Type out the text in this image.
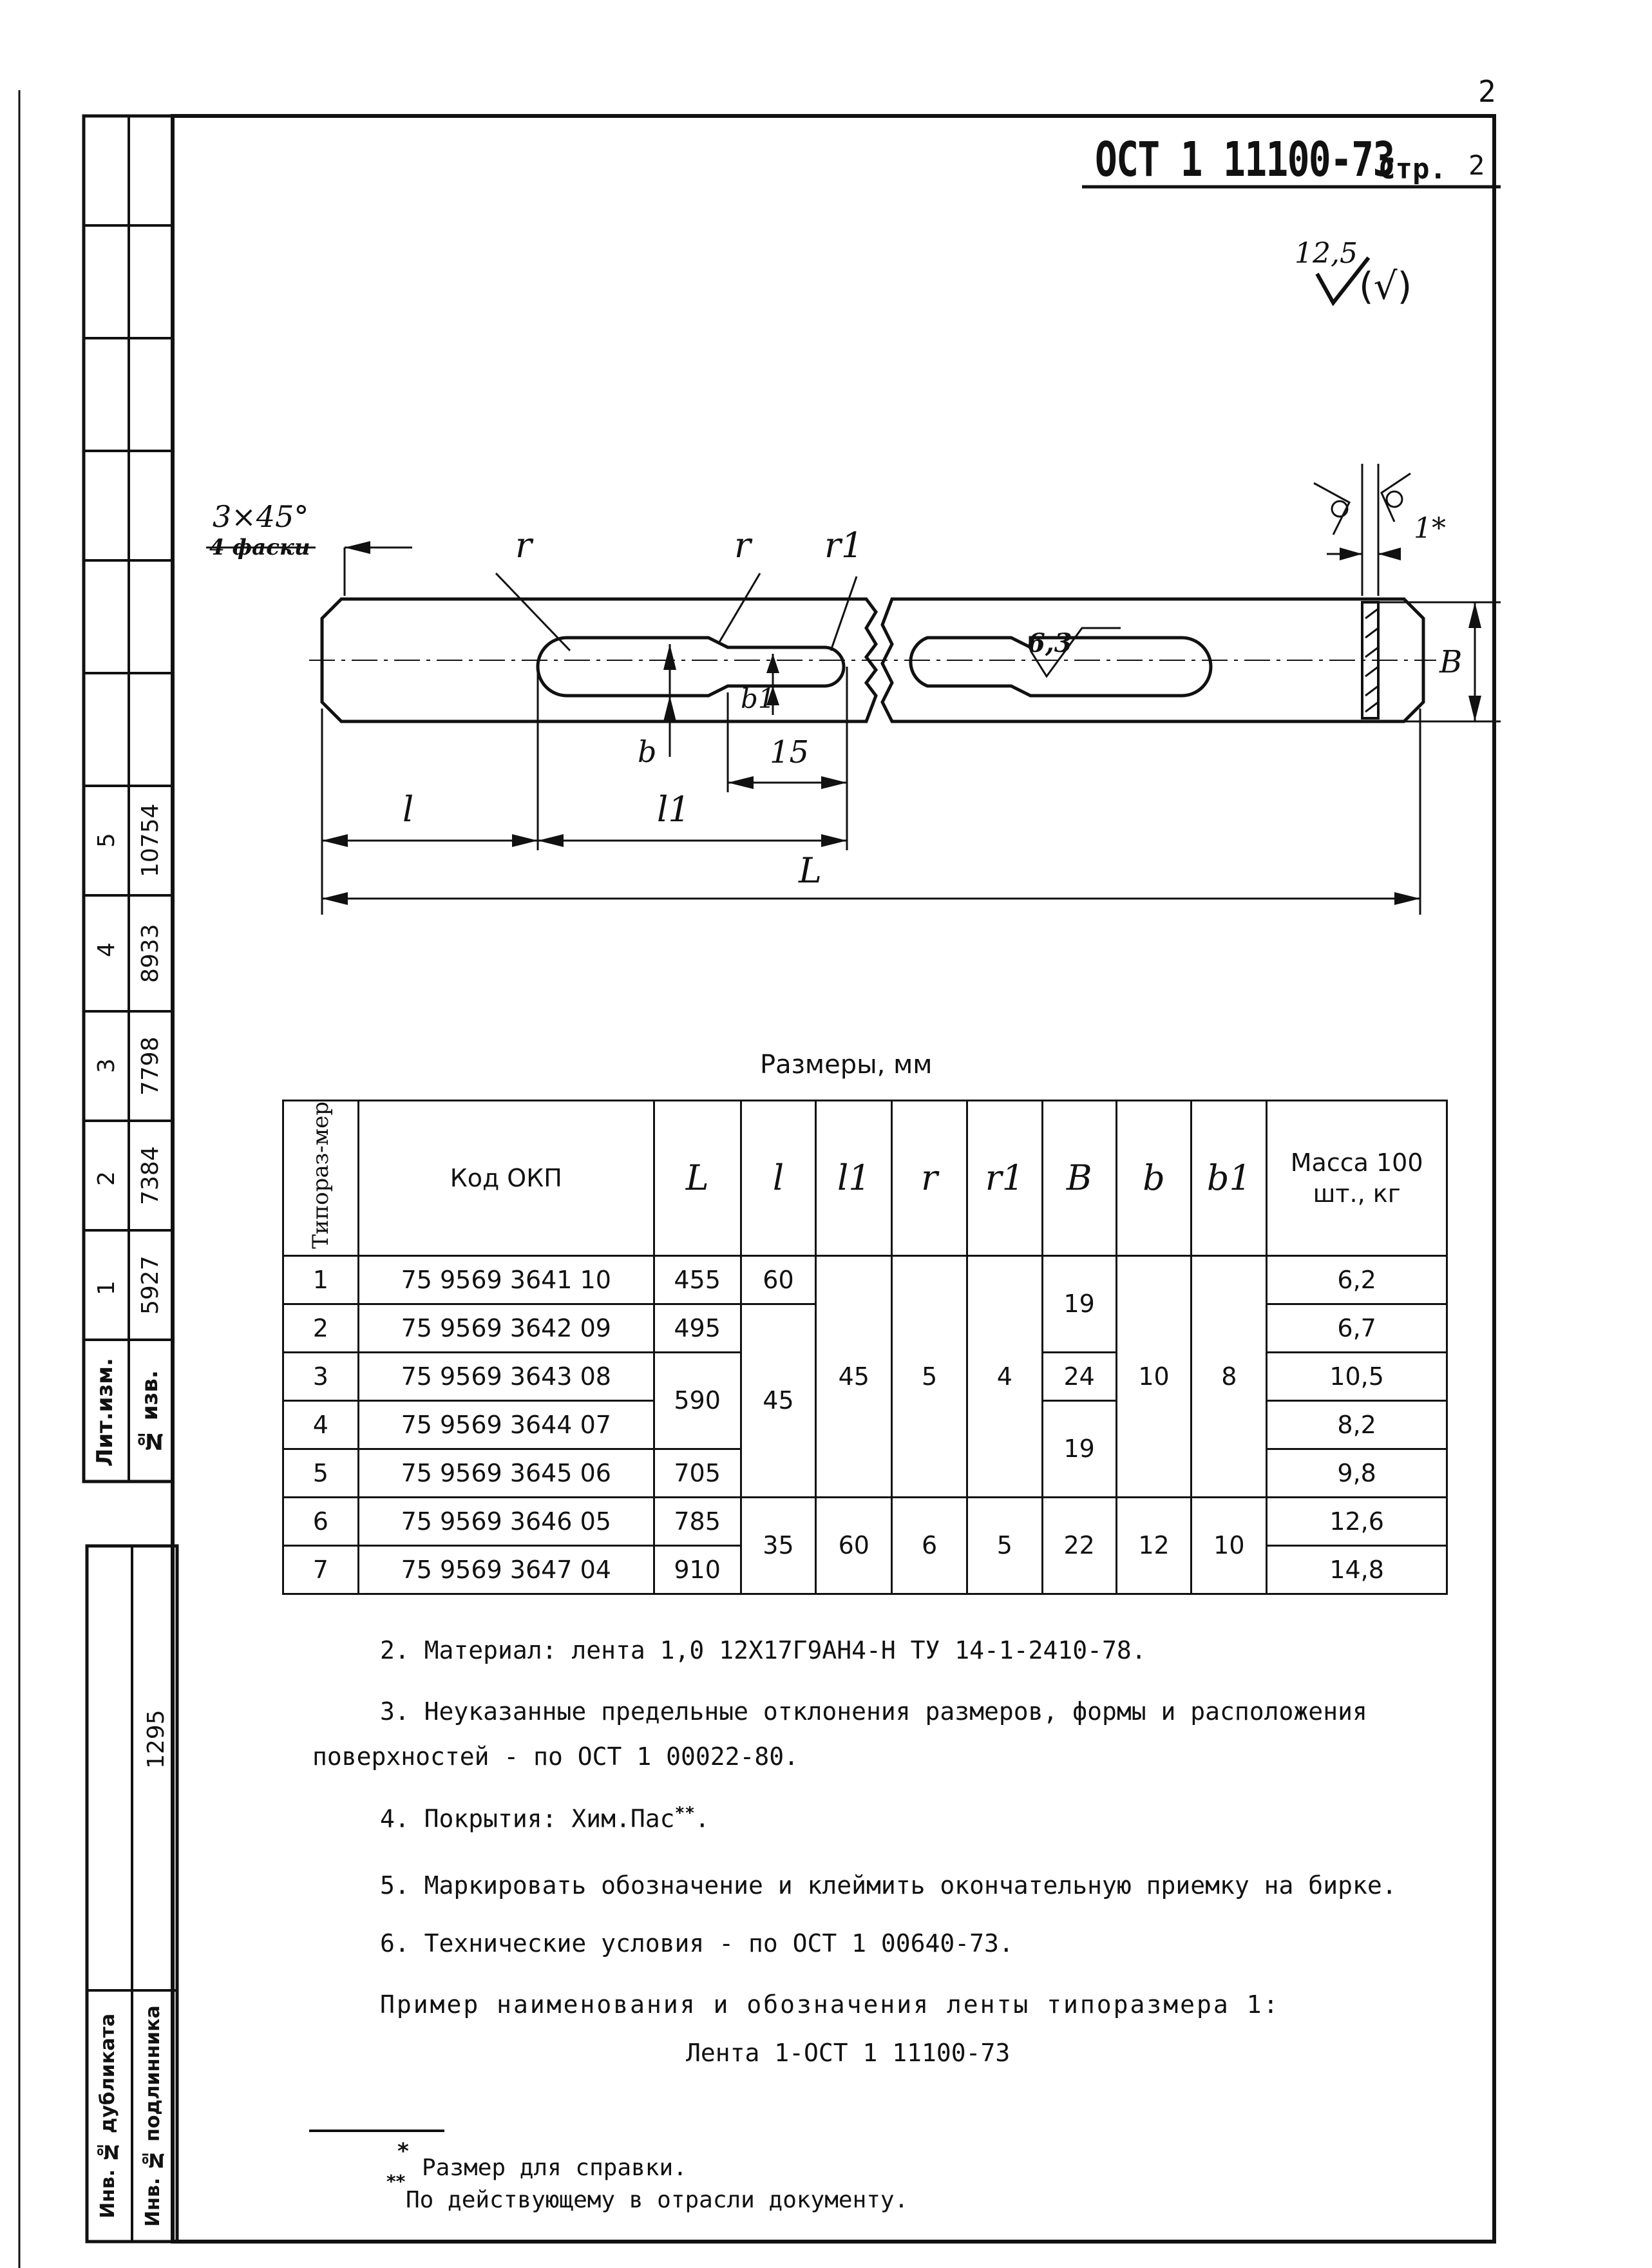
2
Лит.изм. № изв.
1 5927
2 7384
3 7798
4 8933
5 10754
1295
Инв. № дубликата Инв. № подлинника
ОСТ 1 11100-73
Стр. 2
12,5
(√)
3×45°
4 фаски	r	r r1
b
b1
15
l	l1
L
B
1*
6,3
Размеры, мм
Типораз-мер	Код ОКП	L	l	l1	r	r1	B	b	b1	Масса 100 шт., кг
1	75 9569 3641 10	455	60	45	5	4	19	10	8	6,2
2	75 9569 3642 09	495	45							6,7
3	75 9569 3643 08	590					24			10,5
4	75 9569 3644 07						19			8,2
5	75 9569 3645 06	705								9,8
6	75 9569 3646 05	785	35	60	6	5	22	12	10	12,6
7	75 9569 3647 04	910								14,8
2. Материал: лента 1,0 12Х17Г9АН4-Н ТУ 14-1-2410-78.
3. Неуказанные предельные отклонения размеров, формы и расположения
поверхностей - по ОСТ 1 00022-80.
4. Покрытия: Хим.Пас**.
5. Маркировать обозначение и клеймить окончательную приемку на бирке.
6. Технические условия - по ОСТ 1 00640-73.
Пример наименования и обозначения ленты типоразмера 1:
Лента 1-ОСТ 1 11100-73
*
Размер для справки.
**
По действующему в отрасли документу.
